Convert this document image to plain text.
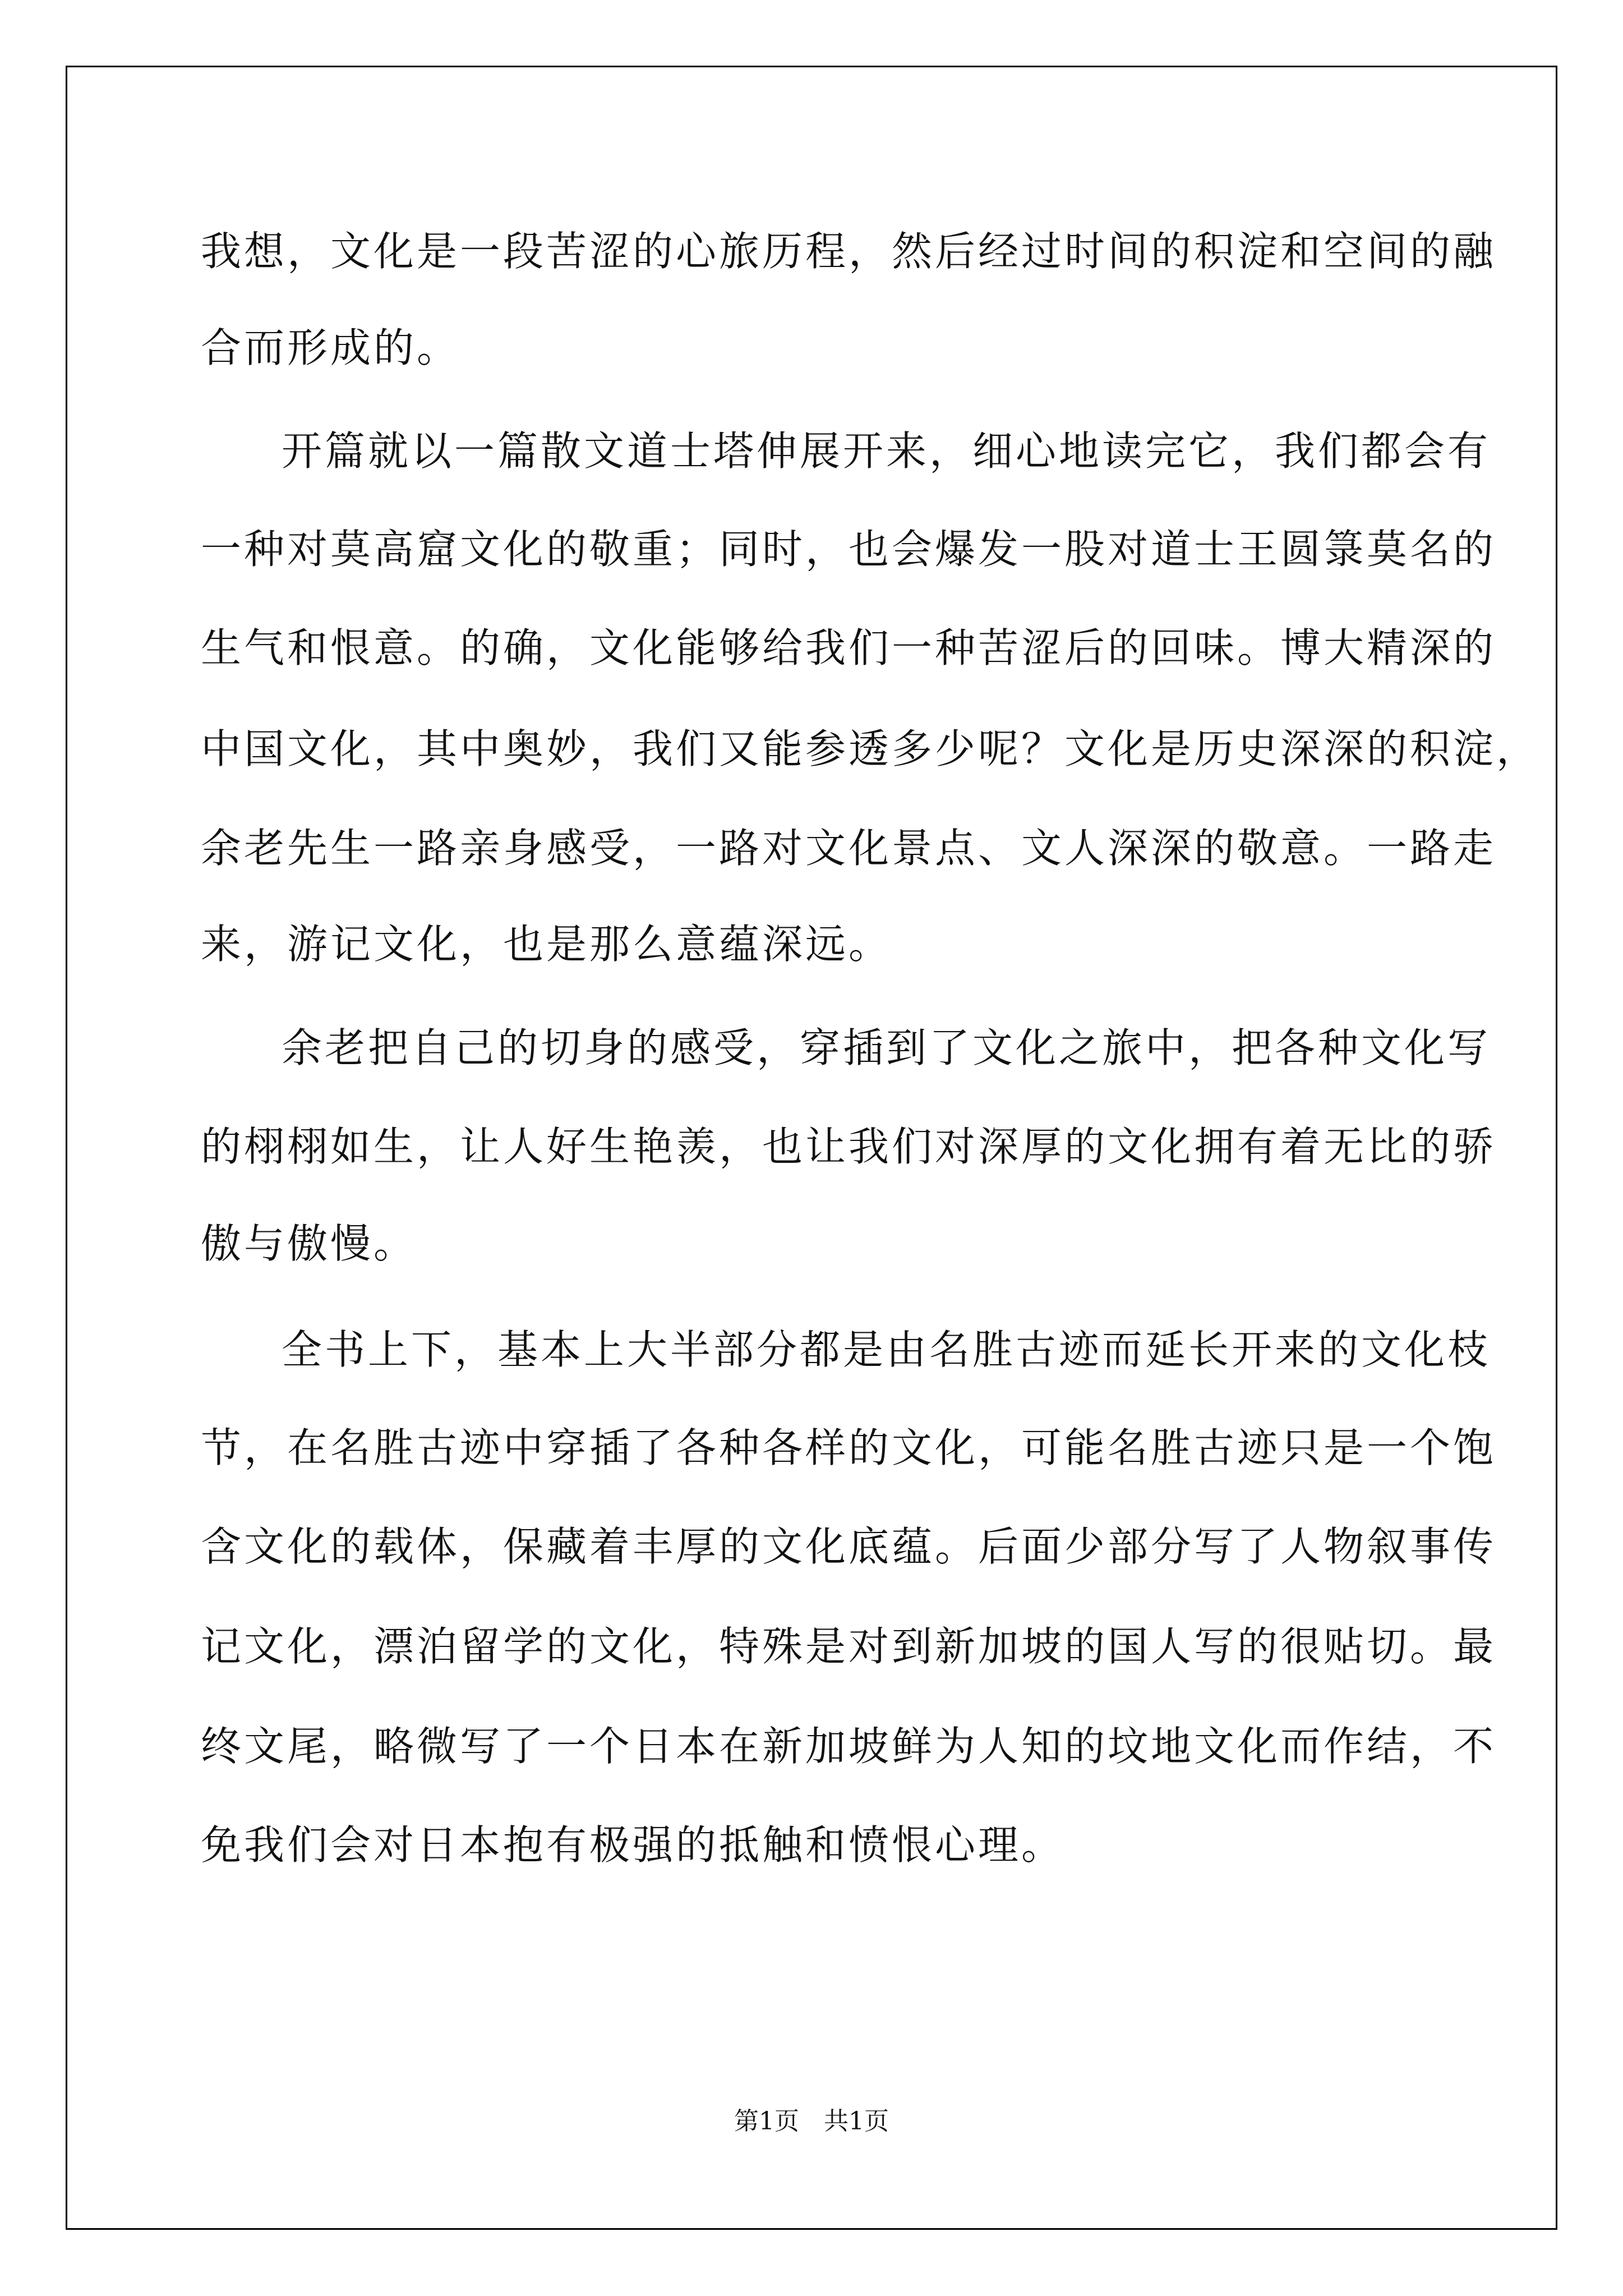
我想，文化是一段苦涩的心旅历程，然后经过时间的积淀和空间的融
合而形成的。
开篇就以一篇散文道士塔伸展开来，细心地读完它，我们都会有
一种对莫高窟文化的敬重；同时，也会爆发一股对道士王圆箓莫名的
生气和恨意。的确，文化能够给我们一种苦涩后的回味。博大精深的
中国文化，其中奥妙，我们又能参透多少呢？文化是历史深深的积淀，
余老先生一路亲身感受，一路对文化景点、文人深深的敬意。一路走
来，游记文化，也是那么意蕴深远。
余老把自己的切身的感受，穿插到了文化之旅中，把各种文化写
的栩栩如生，让人好生艳羡，也让我们对深厚的文化拥有着无比的骄
傲与傲慢。
全书上下，基本上大半部分都是由名胜古迹而延长开来的文化枝
节，在名胜古迹中穿插了各种各样的文化，可能名胜古迹只是一个饱
含文化的载体，保藏着丰厚的文化底蕴。后面少部分写了人物叙事传
记文化，漂泊留学的文化，特殊是对到新加坡的国人写的很贴切。最
终文尾，略微写了一个日本在新加坡鲜为人知的坟地文化而作结，不
免我们会对日本抱有极强的抵触和愤恨心理。
第1页　共1页
